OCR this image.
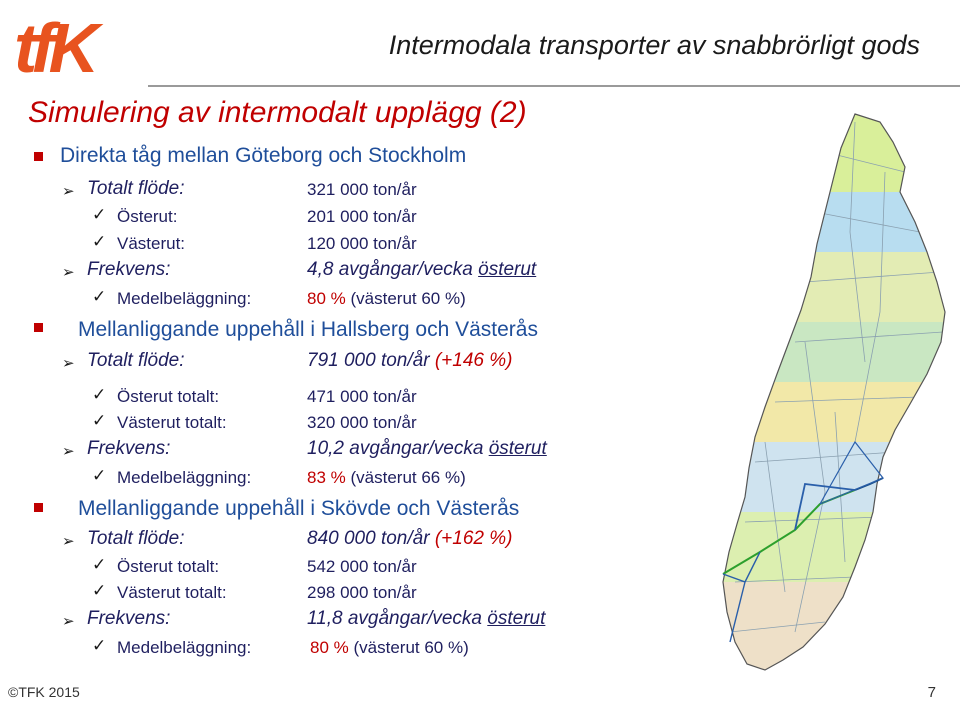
tfK	Intermodala transporter av snabbrörligt gods
Simulering av intermodalt upplägg (2)
Direkta tåg mellan Göteborg och Stockholm
➢ Totalt flöde:	321 000 ton/år
✓ Österut:	201 000 ton/år
✓ Västerut:	120 000 ton/år
➢ Frekvens:	4,8 avgångar/vecka österut
✓ Medelbeläggning:	80 % (västerut 60 %)
Mellanliggande uppehåll i Hallsberg och Västerås
➢ Totalt flöde:	791 000 ton/år (+146 %)
✓ Österut totalt:	471 000 ton/år
✓ Västerut totalt:	320 000 ton/år
➢ Frekvens:	10,2 avgångar/vecka österut
✓ Medelbeläggning:	83 % (västerut 66 %)
Mellanliggande uppehåll i Skövde och Västerås
➢ Totalt flöde:	840 000 ton/år (+162 %)
✓ Österut totalt:	542 000 ton/år
✓ Västerut totalt:	298 000 ton/år
➢ Frekvens:	11,8 avgångar/vecka österut
✓ Medelbeläggning:	80 % (västerut 60 %)
©TFK 2015	7
